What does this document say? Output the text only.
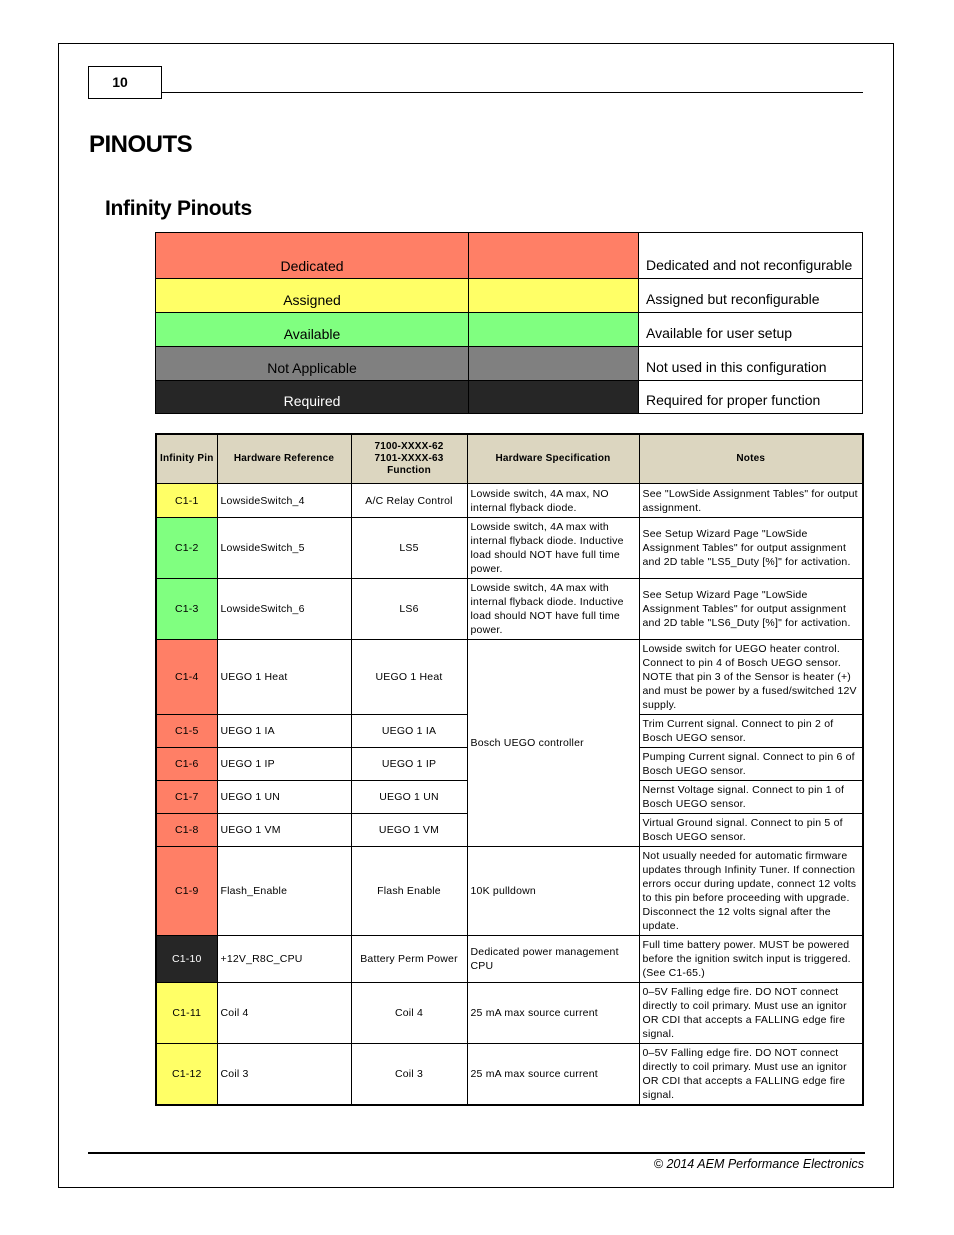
10
PINOUTS
Infinity Pinouts
Dedicated		Dedicated and not reconfigurable
Assigned		Assigned but reconfigurable
Available		Available for user setup
Not Applicable		Not used in this configuration
Required		Required for proper function
Infinity Pin	Hardware Reference	7100-XXXX-62
7101-XXXX-63
Function	Hardware Specification	Notes
C1-1	LowsideSwitch_4	A/C Relay Control	Lowside switch, 4A max, NO internal flyback diode.	See "LowSide Assignment Tables" for output assignment.
C1-2	LowsideSwitch_5	LS5	Lowside switch, 4A max with internal flyback diode. Inductive load should NOT have full time power.	See Setup Wizard Page "LowSide Assignment Tables" for output assignment and 2D table "LS5_Duty [%]" for activation.
C1-3	LowsideSwitch_6	LS6	Lowside switch, 4A max with internal flyback diode. Inductive load should NOT have full time power.	See Setup Wizard Page "LowSide Assignment Tables" for output assignment and 2D table "LS6_Duty [%]" for activation.
C1-4	UEGO 1 Heat	UEGO 1 Heat	Bosch UEGO controller	Lowside switch for UEGO heater control. Connect to pin 4 of Bosch UEGO sensor. NOTE that pin 3 of the Sensor is heater (+) and must be power by a fused/switched 12V supply.
C1-5	UEGO 1 IA	UEGO 1 IA		Trim Current signal. Connect to pin 2 of Bosch UEGO sensor.
C1-6	UEGO 1 IP	UEGO 1 IP		Pumping Current signal. Connect to pin 6 of Bosch UEGO sensor.
C1-7	UEGO 1 UN	UEGO 1 UN		Nernst Voltage signal. Connect to pin 1 of Bosch UEGO sensor.
C1-8	UEGO 1 VM	UEGO 1 VM		Virtual Ground signal. Connect to pin 5 of Bosch UEGO sensor.
C1-9	Flash_Enable	Flash Enable	10K pulldown	Not usually needed for automatic firmware updates through Infinity Tuner. If connection errors occur during update, connect 12 volts to this pin before proceeding with upgrade. Disconnect the 12 volts signal after the update.
C1-10	+12V_R8C_CPU	Battery Perm Power	Dedicated power management CPU	Full time battery power. MUST be powered before the ignition switch input is triggered. (See C1-65.)
C1-11	Coil 4	Coil 4	25 mA max source current	0–5V Falling edge fire. DO NOT connect directly to coil primary. Must use an ignitor OR CDI that accepts a FALLING edge fire signal.
C1-12	Coil 3	Coil 3	25 mA max source current	0–5V Falling edge fire. DO NOT connect directly to coil primary. Must use an ignitor OR CDI that accepts a FALLING edge fire signal.
© 2014 AEM Performance Electronics
